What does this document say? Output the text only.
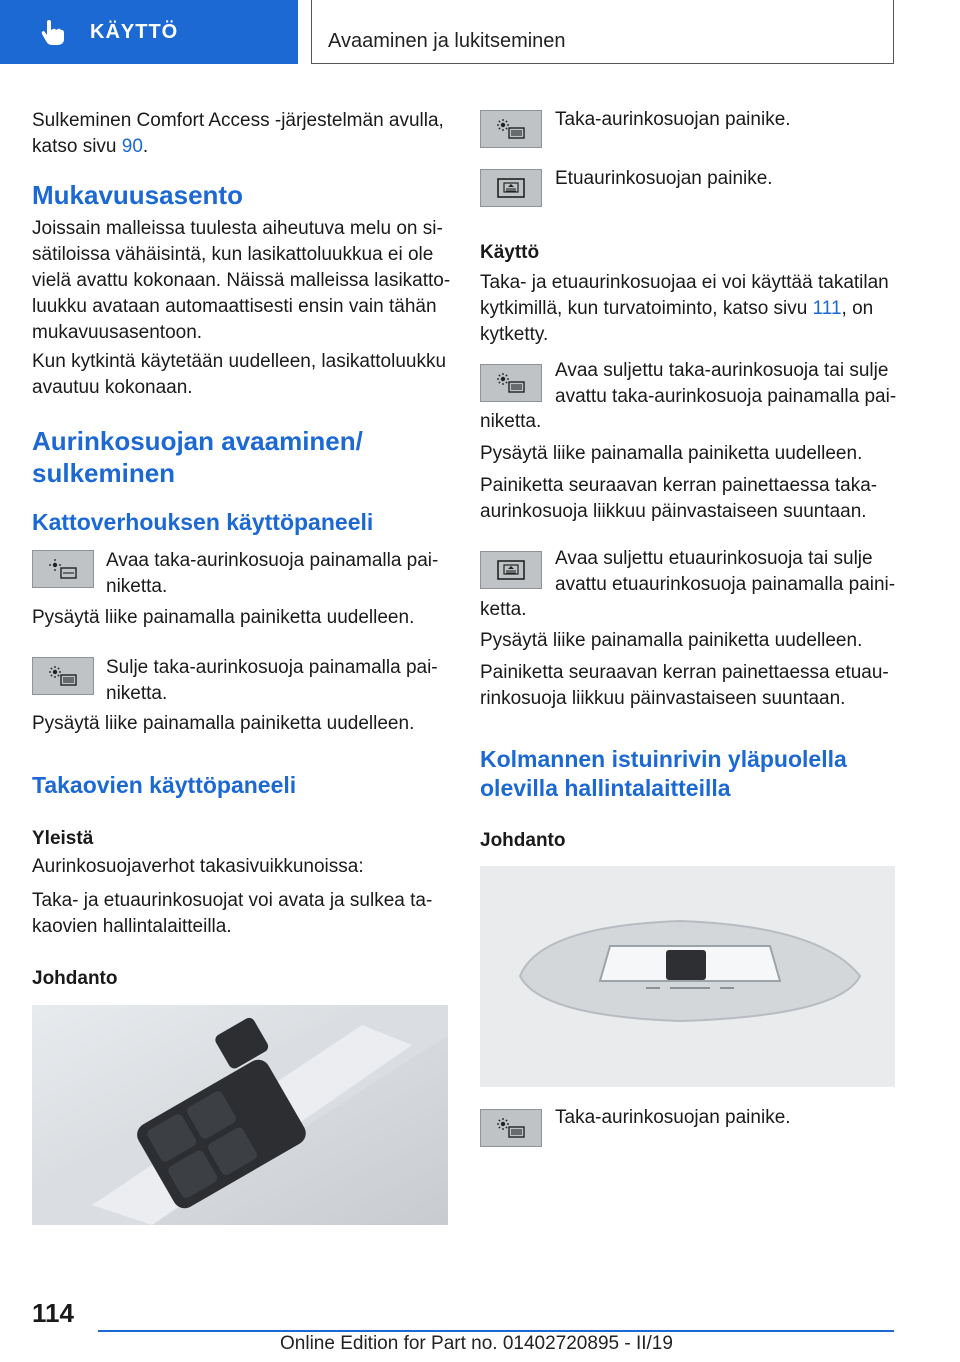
KÄYTTÖ	Avaaminen ja lukitseminen
Sulkeminen Comfort Access -järjestelmän avulla,
katso sivu 90.
Mukavuusasento
Joissain malleissa tuulesta aiheutuva melu on si-
sätiloissa vähäisintä, kun lasikattoluukkua ei ole
vielä avattu kokonaan. Näissä malleissa lasikatto-
luukku avataan automaattisesti ensin vain tähän
mukavuusasentoon.
Kun kytkintä käytetään uudelleen, lasikattoluukku
avautuu kokonaan.
Aurinkosuojan avaaminen/
sulkeminen
Kattoverhouksen käyttöpaneeli
Avaa taka-aurinkosuoja painamalla pai-
niketta.
Pysäytä liike painamalla painiketta uudelleen.
Sulje taka-aurinkosuoja painamalla pai-
niketta.
Pysäytä liike painamalla painiketta uudelleen.
Takaovien käyttöpaneeli
Yleistä
Aurinkosuojaverhot takasivuikkunoissa:
Taka- ja etuaurinkosuojat voi avata ja sulkea ta-
kaovien hallintalaitteilla.
Johdanto
Taka-aurinkosuojan painike.
Etuaurinkosuojan painike.
Käyttö
Taka- ja etuaurinkosuojaa ei voi käyttää takatilan
kytkimillä, kun turvatoiminto, katso sivu 111, on
kytketty.
Avaa suljettu taka-aurinkosuoja tai sulje
avattu taka-aurinkosuoja painamalla pai-
niketta.
Pysäytä liike painamalla painiketta uudelleen.
Painiketta seuraavan kerran painettaessa taka-
aurinkosuoja liikkuu päinvastaiseen suuntaan.
Avaa suljettu etuaurinkosuoja tai sulje
avattu etuaurinkosuoja painamalla paini-
ketta.
Pysäytä liike painamalla painiketta uudelleen.
Painiketta seuraavan kerran painettaessa etuau-
rinkosuoja liikkuu päinvastaiseen suuntaan.
Kolmannen istuinrivin yläpuolella
olevilla hallintalaitteilla
Johdanto
Taka-aurinkosuojan painike.
114
Online Edition for Part no. 01402720895 - II/19
